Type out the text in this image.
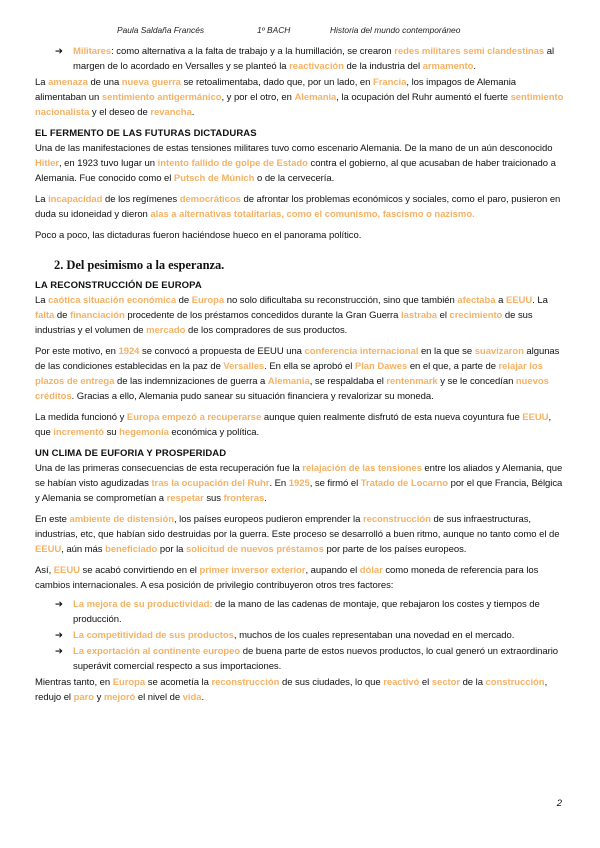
Paula Saldaña Francés	1º BACH	Historia del mundo contemporáneo
➔ Militares: como alternativa a la falta de trabajo y a la humillación, se crearon redes militares semi clandestinas al margen de lo acordado en Versalles y se planteó la reactivación de la industria del armamento.

La amenaza de una nueva guerra se retoalimentaba, dado que, por un lado, en Francia, los impagos de Alemania alimentaban un sentimiento antigermánico, y por el otro, en Alemania, la ocupación del Ruhr aumentó el fuerte sentimiento nacionalista y el deseo de revancha.

EL FERMENTO DE LAS FUTURAS DICTADURAS

Una de las manifestaciones de estas tensiones militares tuvo como escenario Alemania. De la mano de un aún desconocido Hitler, en 1923 tuvo lugar un intento fallido de golpe de Estado contra el gobierno, al que acusaban de haber traicionado a Alemania. Fue conocido como el Putsch de Múnich o de la cervecería.

La incapacidad de los regímenes democráticos de afrontar los problemas económicos y sociales, como el paro, pusieron en duda su idoneidad y dieron alas a alternativas totalitarias, como el comunismo, fascismo o nazismo.

Poco a poco, las dictaduras fueron haciéndose hueco en el panorama político.

2. Del pesimismo a la esperanza.
LA RECONSTRUCCIÓN DE EUROPA

La caótica situación económica de Europa no solo dificultaba su reconstrucción, sino que también afectaba a EEUU. La falta de financiación procedente de los préstamos concedidos durante la Gran Guerra lastraba el crecimiento de sus industrias y el volumen de mercado de los compradores de sus productos.

Por este motivo, en 1924 se convocó a propuesta de EEUU una conferencia internacional en la que se suavizaron algunas de las condiciones establecidas en la paz de Versalles. En ella se aprobó el Plan Dawes en el que, a parte de relajar los plazos de entrega de las indemnizaciones de guerra a Alemania, se respaldaba el rentenmark y se le concedían nuevos créditos. Gracias a ello, Alemania pudo sanear su situación financiera y revalorizar su moneda.

La medida funcionó y Europa empezó a recuperarse aunque quien realmente disfrutó de esta nueva coyuntura fue EEUU, que incrementó su hegemonía económica y política.

UN CLIMA DE EUFORIA Y PROSPERIDAD

Una de las primeras consecuencias de esta recuperación fue la relajación de las tensiones entre los aliados y Alemania, que se habían visto agudizadas tras la ocupación del Ruhr. En 1925, se firmó el Tratado de Locarno por el que Francia, Bélgica y Alemania se comprometían a respetar sus fronteras.

En este ambiente de distensión, los países europeos pudieron emprender la reconstrucción de sus infraestructuras, industrias, etc, que habían sido destruidas por la guerra. Este proceso se desarrolló a buen ritmo, aunque no tanto como el de EEUU, aún más beneficiado por la solicitud de nuevos préstamos por parte de los países europeos.

Así, EEUU se acabó convirtiendo en el primer inversor exterior, aupando el dólar como moneda de referencia para los cambios internacionales. A esa posición de privilegio contribuyeron otros tres factores:

➔ La mejora de su productividad: de la mano de las cadenas de montaje, que rebajaron los costes y tiempos de producción.
➔ La competitividad de sus productos, muchos de los cuales representaban una novedad en el mercado.
➔ La exportación al continente europeo de buena parte de estos nuevos productos, lo cual generó un extraordinario superávit comercial respecto a sus importaciones.

Mientras tanto, en Europa se acometía la reconstrucción de sus ciudades, lo que reactivó el sector de la construcción, redujo el paro y mejoró el nivel de vida.

2
